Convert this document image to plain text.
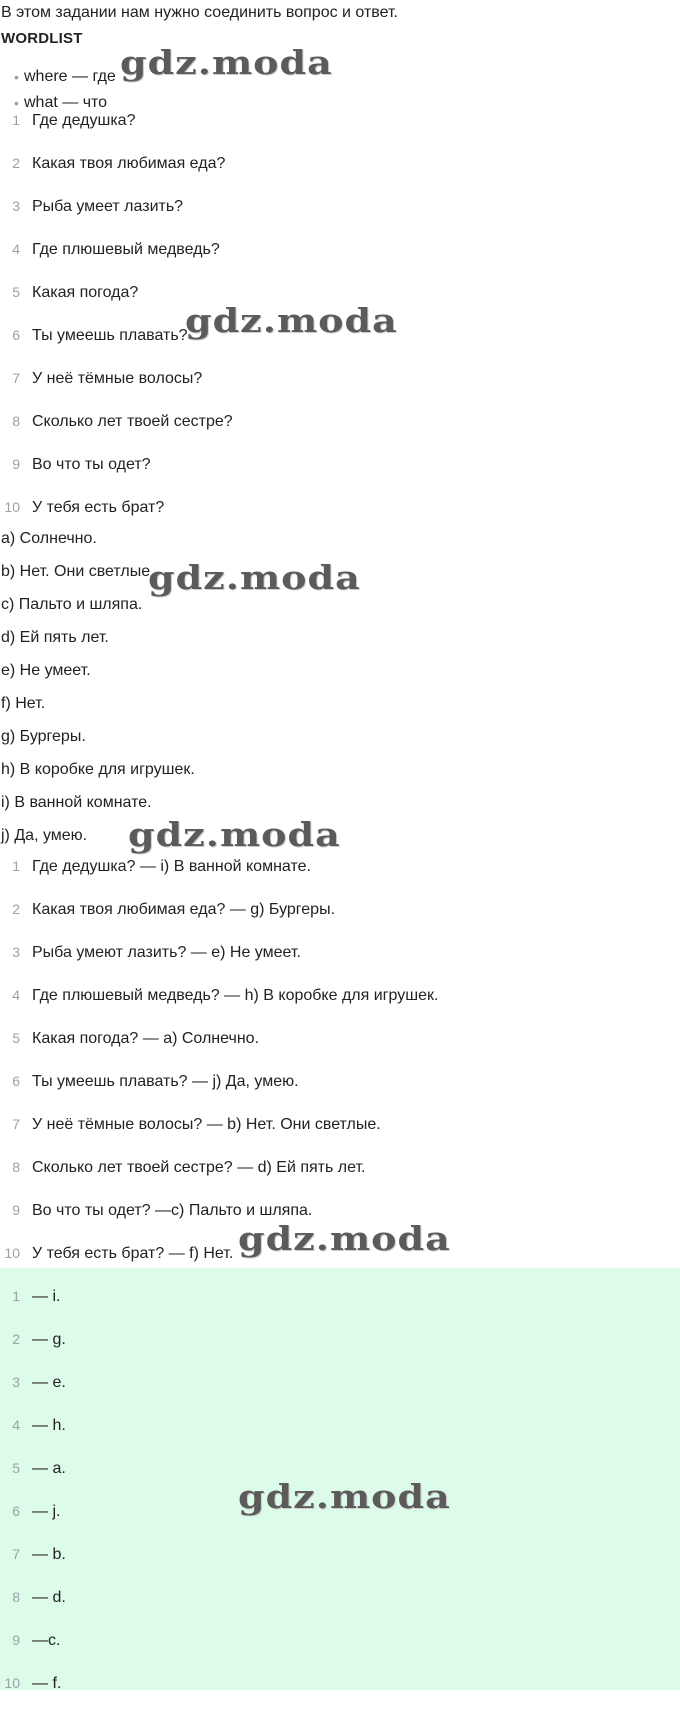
В этом задании нам нужно соединить вопрос и ответ.
WORDLIST
• where — где
• what — что
1 Где дедушка?
2 Какая твоя любимая еда?
3 Рыба умеет лазить?
4 Где плюшевый медведь?
5 Какая погода?
6 Ты умеешь плавать?
7 У неё тёмные волосы?
8 Сколько лет твоей сестре?
9 Во что ты одет?
10 У тебя есть брат?
a) Солнечно.
b) Нет. Они светлые.
c) Пальто и шляпа.
d) Ей пять лет.
e) Не умеет.
f) Нет.
g) Бургеры.
h) В коробке для игрушек.
i) В ванной комнате.
j) Да, умею.
1 Где дедушка? — i) В ванной комнате.
2 Какая твоя любимая еда? — g) Бургеры.
3 Рыба умеют лазить? — e) Не умеет.
4 Где плюшевый медведь? — h) В коробке для игрушек.
5 Какая погода? — a) Солнечно.
6 Ты умеешь плавать? — j) Да, умею.
7 У неё тёмные волосы? — b) Нет. Они светлые.
8 Сколько лет твоей сестре? — d) Ей пять лет.
9 Во что ты одет? —c) Пальто и шляпа.
10 У тебя есть брат? — f) Нет.
1 — i.
2 — g.
3 — e.
4 — h.
5 — a.
6 — j.
7 — b.
8 — d.
9 —c.
10 — f.
gdz.moda
gdz.moda
gdz.moda
gdz.moda
gdz.moda
gdz.moda
